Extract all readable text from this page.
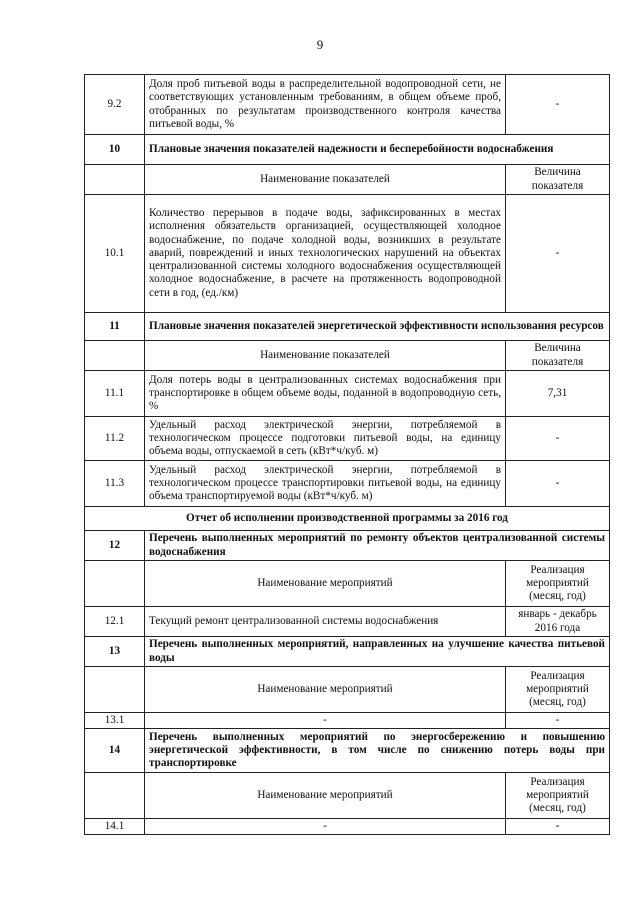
9
9.2	Доля проб питьевой воды в распределительной водопроводной сети, не соответствующих установленным требованиям, в общем объеме проб, отобранных по результатам производственного контроля качества питьевой воды, %	-
10	Плановые значения показателей надежности и бесперебойности водоснабжения	
	Наименование показателей	Величина показателя
10.1	Количество перерывов в подаче воды, зафиксированных в местах исполнения обязательств организацией, осуществляющей холодное водоснабжение, по подаче холодной воды, возникших в результате аварий, повреждений и иных технологических нарушений на объектах централизованной системы холодного водоснабжения осуществляющей холодное водоснабжение, в расчете на протяженность водопроводной сети в год, (ед./км)	-
11	Плановые значения показателей энергетической эффективности использования ресурсов	
	Наименование показателей	Величина показателя
11.1	Доля потерь воды в централизованных системах водоснабжения при транспортировке в общем объеме воды, поданной в водопроводную сеть, %	7,31
11.2	Удельный расход электрической энергии, потребляемой в технологическом процессе подготовки питьевой воды, на единицу объема воды, отпускаемой в сеть (кВт*ч/куб. м)	-
11.3	Удельный расход электрической энергии, потребляемой в технологическом процессе транспортировки питьевой воды, на единицу объема транспортируемой воды (кВт*ч/куб. м)	-
Отчет об исполнении производственной программы за 2016 год		
12	Перечень выполненных мероприятий по ремонту объектов централизованной системы водоснабжения	
	Наименование мероприятий	Реализация мероприятий (месяц, год)
12.1	Текущий ремонт централизованной системы водоснабжения	январь - декабрь 2016 года
13	Перечень выполненных мероприятий, направленных на улучшение качества питьевой воды	
	Наименование мероприятий	Реализация мероприятий (месяц, год)
13.1	-	-
14	Перечень выполненных мероприятий по энергосбережению и повышению энергетической эффективности, в том числе по снижению потерь воды при транспортировке	
	Наименование мероприятий	Реализация мероприятий (месяц, год)
14.1	-	-
